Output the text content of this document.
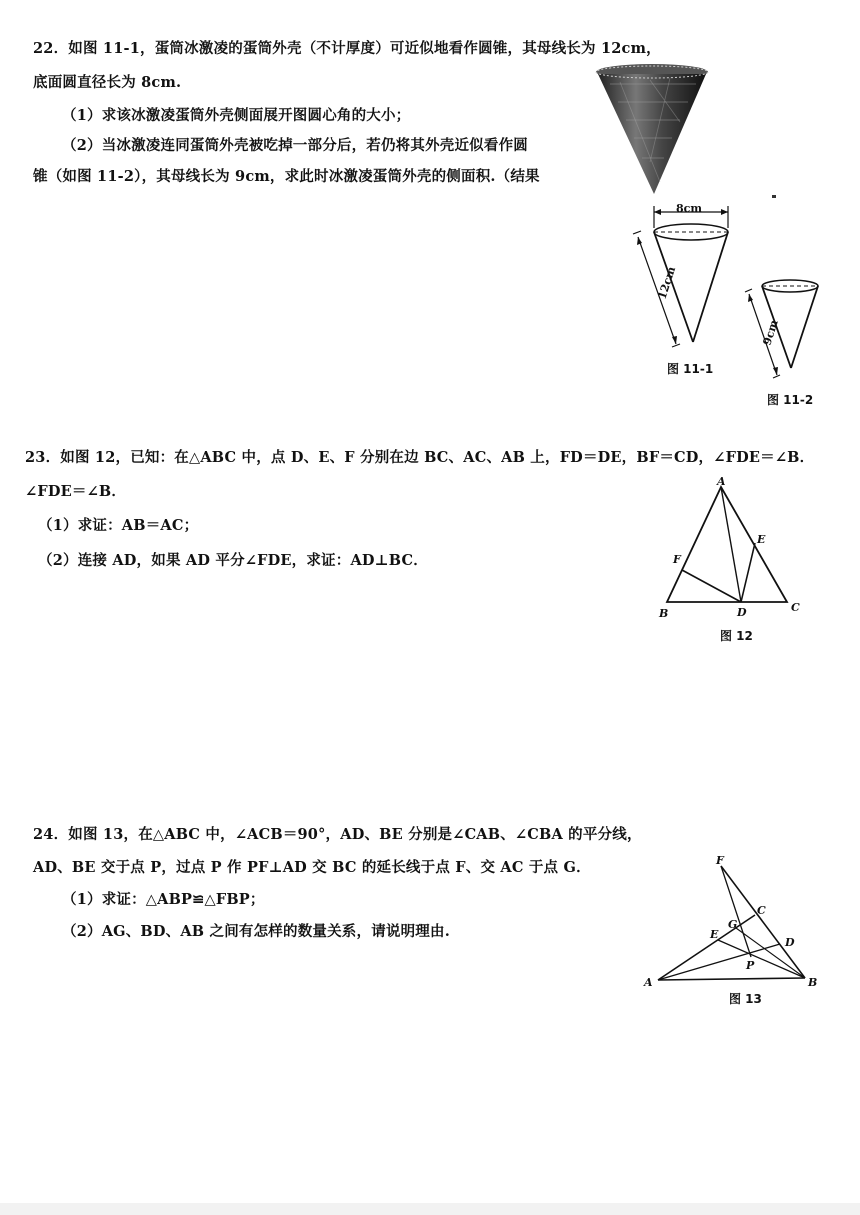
22．如图 11-1，蛋筒冰激凌的蛋筒外壳（不计厚度）可近似地看作圆锥，其母线长为 12cm，
底面圆直径长为 8cm.
（1）求该冰激凌蛋筒外壳侧面展开图圆心角的大小；
（2）当冰激凌连同蛋筒外壳被吃掉一部分后，若仍将其外壳近似看作圆
锥（如图 11-2），其母线长为 9cm，求此时冰激凌蛋筒外壳的侧面积.（结果
8cm
12cm
图 11-1
9cm
图 11-2
23．如图 12，已知：在△ABC 中，点 D、E、F 分别在边 BC、AC、AB 上，FD＝DE，BF＝CD，∠FDE＝∠B．
∠FDE＝∠B．
（1）求证：AB＝AC；
（2）连接 AD，如果 AD 平分∠FDE，求证：AD⊥BC．
A
B	C
D
E
F
图 12
24．如图 13，在△ABC 中，∠ACB＝90°，AD、BE 分别是∠CAB、∠CBA 的平分线，
AD、BE 交于点 P，过点 P 作 PF⊥AD 交 BC 的延长线于点 F、交 AC 于点 G．
（1）求证：△ABP≌△FBP；
（2）AG、BD、AB 之间有怎样的数量关系，请说明理由.
F
C
G
E
D
P
A	B
图 13
